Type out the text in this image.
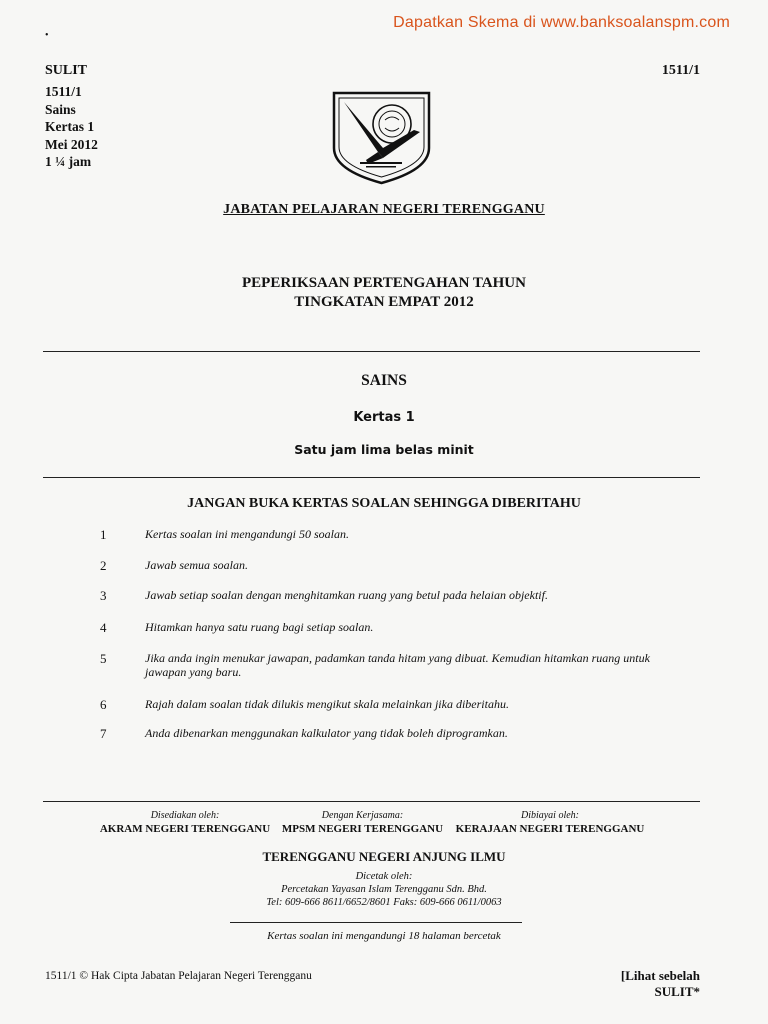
Dapatkan Skema di www.banksoalanspm.com
•
SULIT	1511/1
1511/1
Sains
Kertas 1
Mei 2012
1 ¼ jam
JABATAN PELAJARAN NEGERI TERENGGANU
PEPERIKSAAN PERTENGAHAN TAHUN
TINGKATAN EMPAT 2012
SAINS
Kertas 1
Satu jam lima belas minit
JANGAN BUKA KERTAS SOALAN SEHINGGA DIBERITAHU
1	Kertas soalan ini mengandungi 50 soalan.
2	Jawab semua soalan.
3	Jawab setiap soalan dengan menghitamkan ruang yang betul pada helaian objektif.
4	Hitamkan hanya satu ruang bagi setiap soalan.
5	Jika anda ingin menukar jawapan, padamkan tanda hitam yang dibuat. Kemudian hitamkan ruang untuk jawapan yang baru.
6	Rajah dalam soalan tidak dilukis mengikut skala melainkan jika diberitahu.
7	Anda dibenarkan menggunakan kalkulator yang tidak boleh diprogramkan.
Disediakan oleh:
AKRAM NEGERI TERENGGANU
Dengan Kerjasama:
MPSM NEGERI TERENGGANU
Dibiayai oleh:
KERAJAAN NEGERI TERENGGANU
TERENGGANU NEGERI ANJUNG ILMU
Dicetak oleh:
Percetakan Yayasan Islam Terengganu Sdn. Bhd.
Tel: 609-666 8611/6652/8601 Faks: 609-666 0611/0063
Kertas soalan ini mengandungi 18 halaman bercetak
1511/1 © Hak Cipta Jabatan Pelajaran Negeri Terengganu	[Lihat sebelah
SULIT*
